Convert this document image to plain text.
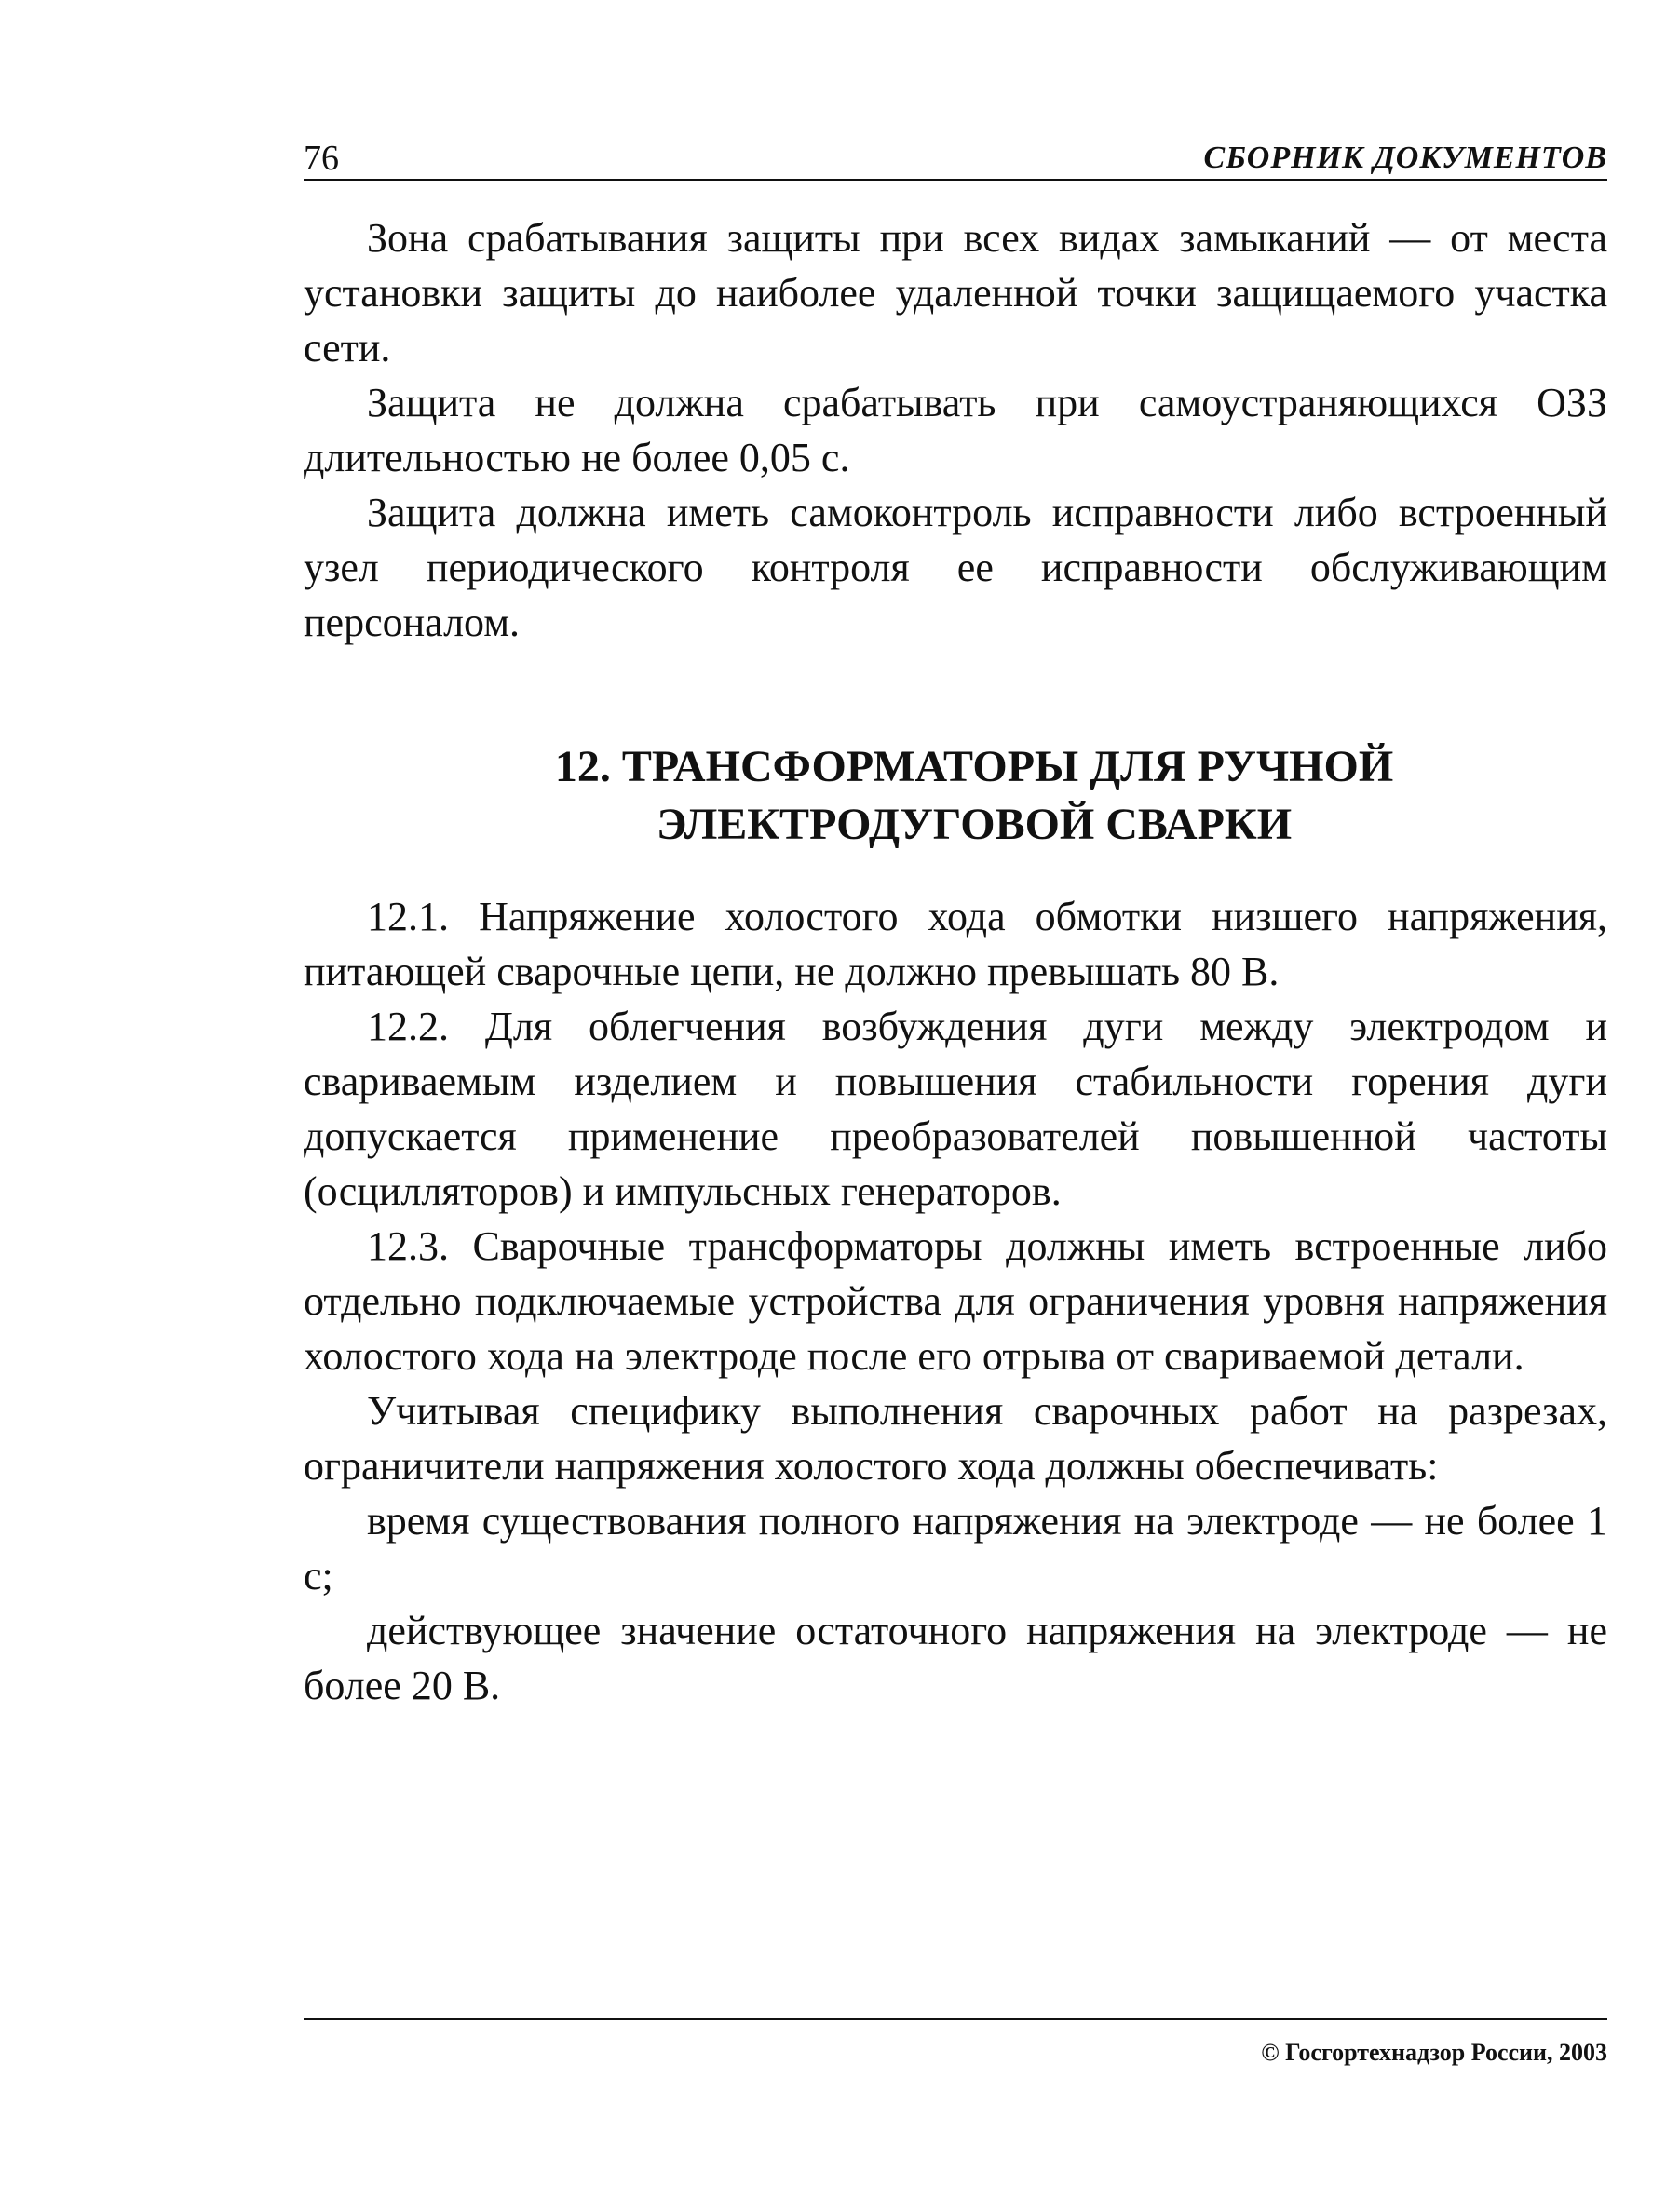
76	СБОРНИК ДОКУМЕНТОВ

Зона срабатывания защиты при всех видах замыканий — от места установки защиты до наиболее удаленной точки защищаемого участка сети.

Защита не должна срабатывать при самоустраняющихся ОЗЗ длительностью не более 0,05 с.

Защита должна иметь самоконтроль исправности либо встроенный узел периодического контроля ее исправности обслуживающим персоналом.

12. ТРАНСФОРМАТОРЫ ДЛЯ РУЧНОЙ
ЭЛЕКТРОДУГОВОЙ СВАРКИ

12.1. Напряжение холостого хода обмотки низшего напряжения, питающей сварочные цепи, не должно превышать 80 В.

12.2. Для облегчения возбуждения дуги между электродом и свариваемым изделием и повышения стабильности горения дуги допускается применение преобразователей повышенной частоты (осцилляторов) и импульсных генераторов.

12.3. Сварочные трансформаторы должны иметь встроенные либо отдельно подключаемые устройства для ограничения уровня напряжения холостого хода на электроде после его отрыва от свариваемой детали.

Учитывая специфику выполнения сварочных работ на разрезах, ограничители напряжения холостого хода должны обеспечивать:

время существования полного напряжения на электроде — не более 1 с;

действующее значение остаточного напряжения на электроде — не более 20 В.

© Госгортехнадзор России, 2003
